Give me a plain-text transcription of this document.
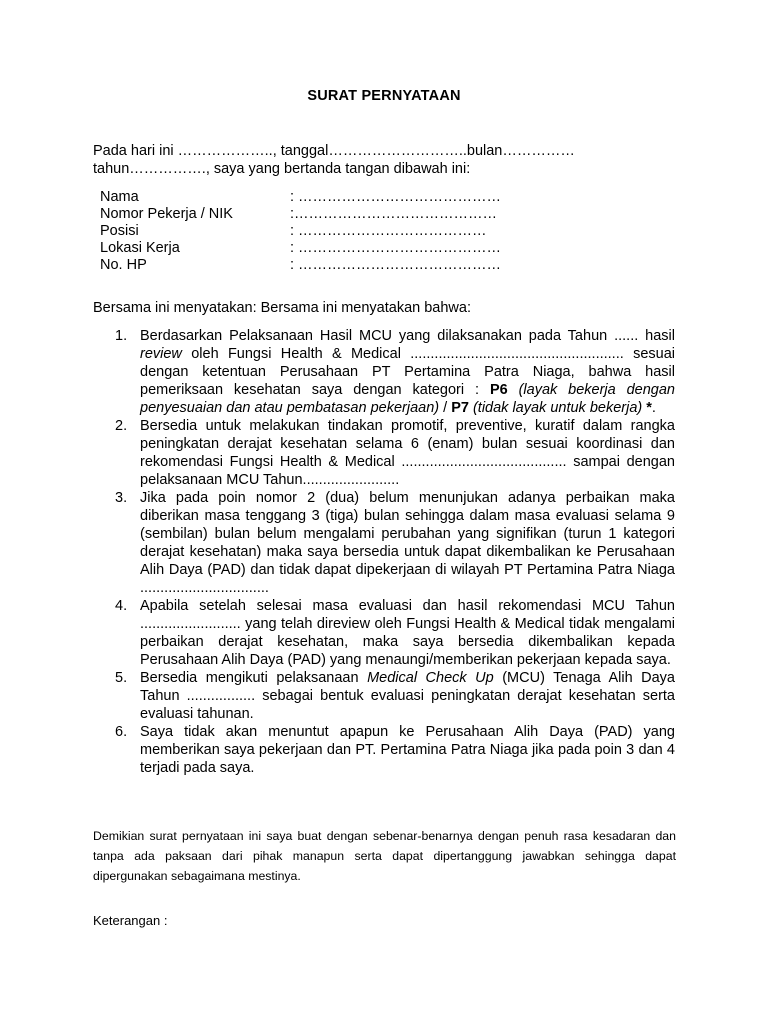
SURAT PERNYATAAN
Pada hari ini ……………….., tanggal………………………..bulan……………
tahun……………., saya yang bertanda tangan dibawah ini:
Nama	: ……………………………………
Nomor Pekerja / NIK	:……………………………………
Posisi	: …………………………………
Lokasi Kerja	: ……………………………………
No. HP	: ……………………………………
Bersama ini menyatakan: Bersama ini menyatakan bahwa:
1. Berdasarkan Pelaksanaan Hasil MCU yang dilaksanakan pada Tahun ...... hasil review oleh Fungsi Health & Medical ..................................................... sesuai dengan ketentuan Perusahaan PT Pertamina Patra Niaga, bahwa hasil pemeriksaan kesehatan saya dengan kategori : P6 (layak bekerja dengan penyesuaian dan atau pembatasan pekerjaan) / P7 (tidak layak untuk bekerja) *.
2. Bersedia untuk melakukan tindakan promotif, preventive, kuratif dalam rangka peningkatan derajat kesehatan selama 6 (enam) bulan sesuai koordinasi dan rekomendasi Fungsi Health & Medical ......................................... sampai dengan pelaksanaan MCU Tahun........................
3. Jika pada poin nomor 2 (dua) belum menunjukan adanya perbaikan maka diberikan masa tenggang 3 (tiga) bulan sehingga dalam masa evaluasi selama 9 (sembilan) bulan belum mengalami perubahan yang signifikan (turun 1 kategori derajat kesehatan) maka saya bersedia untuk dapat dikembalikan ke Perusahaan Alih Daya (PAD) dan tidak dapat dipekerjaan di wilayah PT Pertamina Patra Niaga ................................
4. Apabila setelah selesai masa evaluasi dan hasil rekomendasi MCU Tahun ......................... yang telah direview oleh Fungsi Health & Medical tidak mengalami perbaikan derajat kesehatan, maka saya bersedia dikembalikan kepada Perusahaan Alih Daya (PAD) yang menaungi/memberikan pekerjaan kepada saya.
5. Bersedia mengikuti pelaksanaan Medical Check Up (MCU) Tenaga Alih Daya Tahun ................. sebagai bentuk evaluasi peningkatan derajat kesehatan serta evaluasi tahunan.
6. Saya tidak akan menuntut apapun ke Perusahaan Alih Daya (PAD) yang memberikan saya pekerjaan dan PT. Pertamina Patra Niaga jika pada poin 3 dan 4 terjadi pada saya.
Demikian surat pernyataan ini saya buat dengan sebenar-benarnya dengan penuh rasa kesadaran dan tanpa ada paksaan dari pihak manapun serta dapat dipertanggung jawabkan sehingga dapat dipergunakan sebagaimana mestinya.
Keterangan :
